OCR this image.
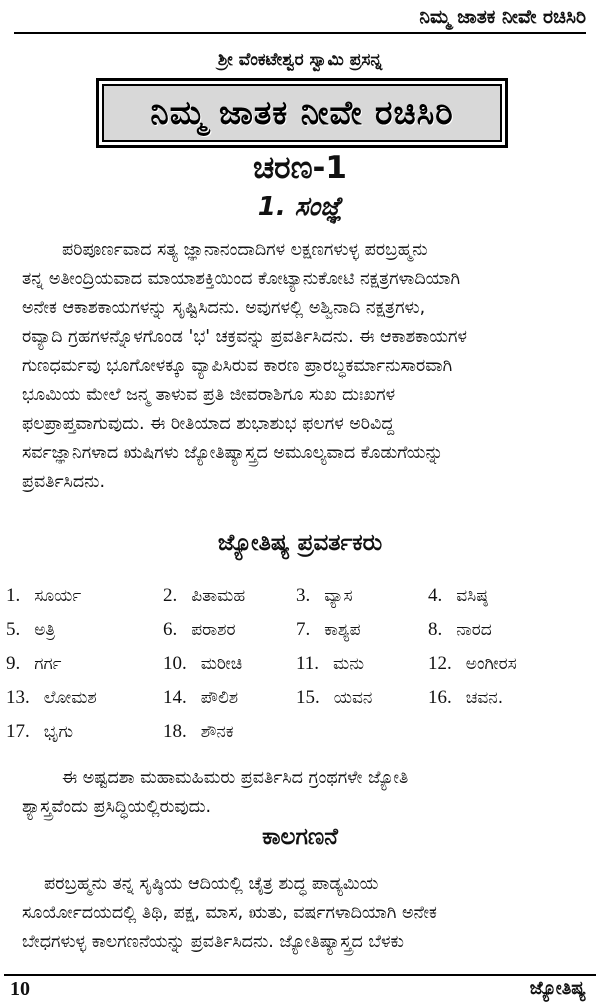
ನಿಮ್ಮ ಜಾತಕ ನೀವೇ ರಚಿಸಿರಿ
ಶ್ರೀ ವೆಂಕಟೇಶ್ವರ ಸ್ವಾಮಿ ಪ್ರಸನ್ನ
ನಿಮ್ಮ ಜಾತಕ ನೀವೇ ರಚಿಸಿರಿ
ಚರಣ-1
1. ಸಂಜ್ಞೆ
ಪರಿಪೂರ್ಣವಾದ ಸತ್ಯ ಜ್ಞಾನಾನಂದಾದಿಗಳ ಲಕ್ಷಣಗಳುಳ್ಳ ಪರಬ್ರಹ್ಮನು
ತನ್ನ ಅತೀಂದ್ರಿಯವಾದ ಮಾಯಾಶಕ್ತಿಯಿಂದ ಕೋಟ್ಯಾನುಕೋಟಿ ನಕ್ಷತ್ರಗಳಾದಿಯಾಗಿ
ಅನೇಕ ಆಕಾಶಕಾಯಗಳನ್ನು ಸೃಷ್ಟಿಸಿದನು. ಅವುಗಳಲ್ಲಿ ಅಶ್ವಿನಾದಿ ನಕ್ಷತ್ರಗಳು,
ರವ್ಯಾದಿ ಗ್ರಹಗಳನ್ನೊಳಗೊಂಡ 'ಭ' ಚಕ್ರವನ್ನು ಪ್ರವರ್ತಿಸಿದನು. ಈ ಆಕಾಶಕಾಯಗಳ
ಗುಣಧರ್ಮವು ಭೂಗೋಳಕ್ಕೂ ವ್ಯಾಪಿಸಿರುವ ಕಾರಣ ಪ್ರಾರಬ್ಧಕರ್ಮಾನುಸಾರವಾಗಿ
ಭೂಮಿಯ ಮೇಲೆ ಜನ್ಮ ತಾಳುವ ಪ್ರತಿ ಜೀವರಾಶಿಗೂ ಸುಖ ದುಃಖಗಳ
ಫಲಪ್ರಾಪ್ತವಾಗುವುದು. ಈ ರೀತಿಯಾದ ಶುಭಾಶುಭ ಫಲಗಳ ಅರಿವಿದ್ದ
ಸರ್ವಜ್ಞಾನಿಗಳಾದ ಋಷಿಗಳು ಜ್ಯೋತಿಷ್ಯಾಸ್ತ್ರದ ಅಮೂಲ್ಯವಾದ ಕೊಡುಗೆಯನ್ನು
ಪ್ರವರ್ತಿಸಿದನು.
ಜ್ಯೋತಿಷ್ಯ ಪ್ರವರ್ತಕರು
1. ಸೂರ್ಯ	2. ಪಿತಾಮಹ	3. ವ್ಯಾಸ	4. ವಸಿಷ್ಠ
5. ಅತ್ರಿ	6. ಪರಾಶರ	7. ಕಾಶ್ಯಪ	8. ನಾರದ
9. ಗರ್ಗ	10. ಮರೀಚಿ	11. ಮನು	12. ಅಂಗೀರಸ
13. ಲೋಮಶ	14. ಪೌಲಿಶ	15. ಯವನ	16. ಚವನ.
17. ಭೃಗು	18. ಶೌನಕ
ಈ ಅಷ್ಟದಶಾ ಮಹಾಮಹಿಮರು ಪ್ರವರ್ತಿಸಿದ ಗ್ರಂಥಗಳೇ ಜ್ಯೋತಿ
ಶ್ಯಾಸ್ತ್ರವೆಂದು ಪ್ರಸಿದ್ಧಿಯಲ್ಲಿರುವುದು.
ಕಾಲಗಣನೆ
ಪರಬ್ರಹ್ಮನು ತನ್ನ ಸೃಷ್ಠಿಯ ಆದಿಯಲ್ಲಿ ಚೈತ್ರ ಶುದ್ಧ ಪಾಡ್ಯಮಿಯ
ಸೂರ್ಯೋದಯದಲ್ಲಿ ತಿಥಿ, ಪಕ್ಷ, ಮಾಸ, ಋತು, ವರ್ಷಗಳಾದಿಯಾಗಿ ಅನೇಕ
ಬೇಧಗಳುಳ್ಳ ಕಾಲಗಣನೆಯನ್ನು ಪ್ರವರ್ತಿಸಿದನು. ಜ್ಯೋತಿಷ್ಯಾಸ್ತ್ರದ ಬೆಳಕು
10	ಜ್ಯೋತಿಷ್ಯ
